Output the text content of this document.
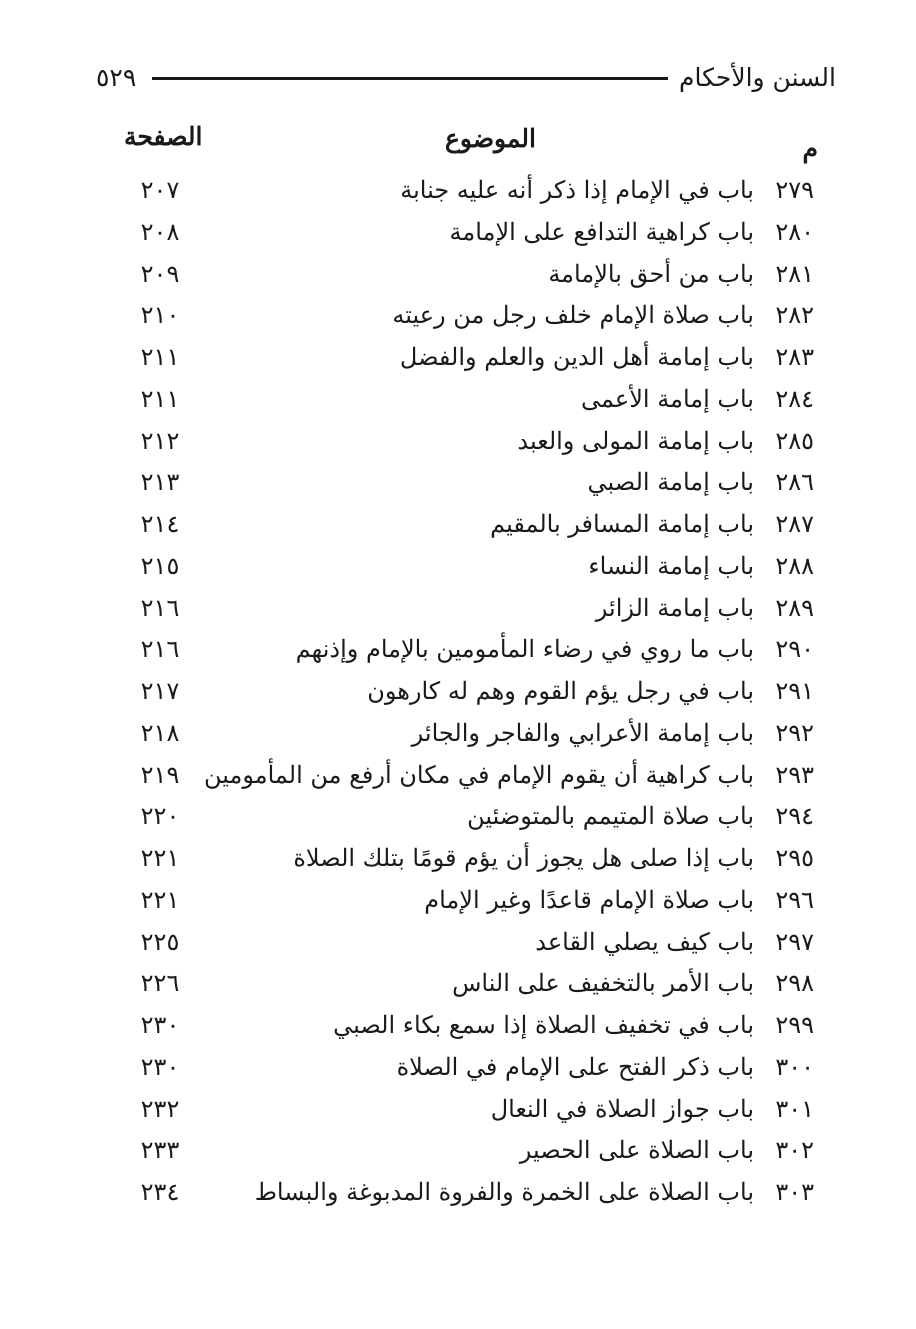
السنن والأحكام
٥٢٩
م
الموضوع
الصفحة
٢٧٩
باب في الإمام إذا ذكر أنه عليه جنابة
٢٠٧
٢٨٠
باب كراهية التدافع على الإمامة
٢٠٨
٢٨١
باب من أحق بالإمامة
٢٠٩
٢٨٢
باب صلاة الإمام خلف رجل من رعيته
٢١٠
٢٨٣
باب إمامة أهل الدين والعلم والفضل
٢١١
٢٨٤
باب إمامة الأعمى
٢١١
٢٨٥
باب إمامة المولى والعبد
٢١٢
٢٨٦
باب إمامة الصبي
٢١٣
٢٨٧
باب إمامة المسافر بالمقيم
٢١٤
٢٨٨
باب إمامة النساء
٢١٥
٢٨٩
باب إمامة الزائر
٢١٦
٢٩٠
باب ما روي في رضاء المأمومين بالإمام وإذنهم
٢١٦
٢٩١
باب في رجل يؤم القوم وهم له كارهون
٢١٧
٢٩٢
باب إمامة الأعرابي والفاجر والجائر
٢١٨
٢٩٣
باب كراهية أن يقوم الإمام في مكان أرفع من المأمومين
٢١٩
٢٩٤
باب صلاة المتيمم بالمتوضئين
٢٢٠
٢٩٥
باب إذا صلى هل يجوز أن يؤم قومًا بتلك الصلاة
٢٢١
٢٩٦
باب صلاة الإمام قاعدًا وغير الإمام
٢٢١
٢٩٧
باب كيف يصلي القاعد
٢٢٥
٢٩٨
باب الأمر بالتخفيف على الناس
٢٢٦
٢٩٩
باب في تخفيف الصلاة إذا سمع بكاء الصبي
٢٣٠
٣٠٠
باب ذكر الفتح على الإمام في الصلاة
٢٣٠
٣٠١
باب جواز الصلاة في النعال
٢٣٢
٣٠٢
باب الصلاة على الحصير
٢٣٣
٣٠٣
باب الصلاة على الخمرة والفروة المدبوغة والبساط
٢٣٤
